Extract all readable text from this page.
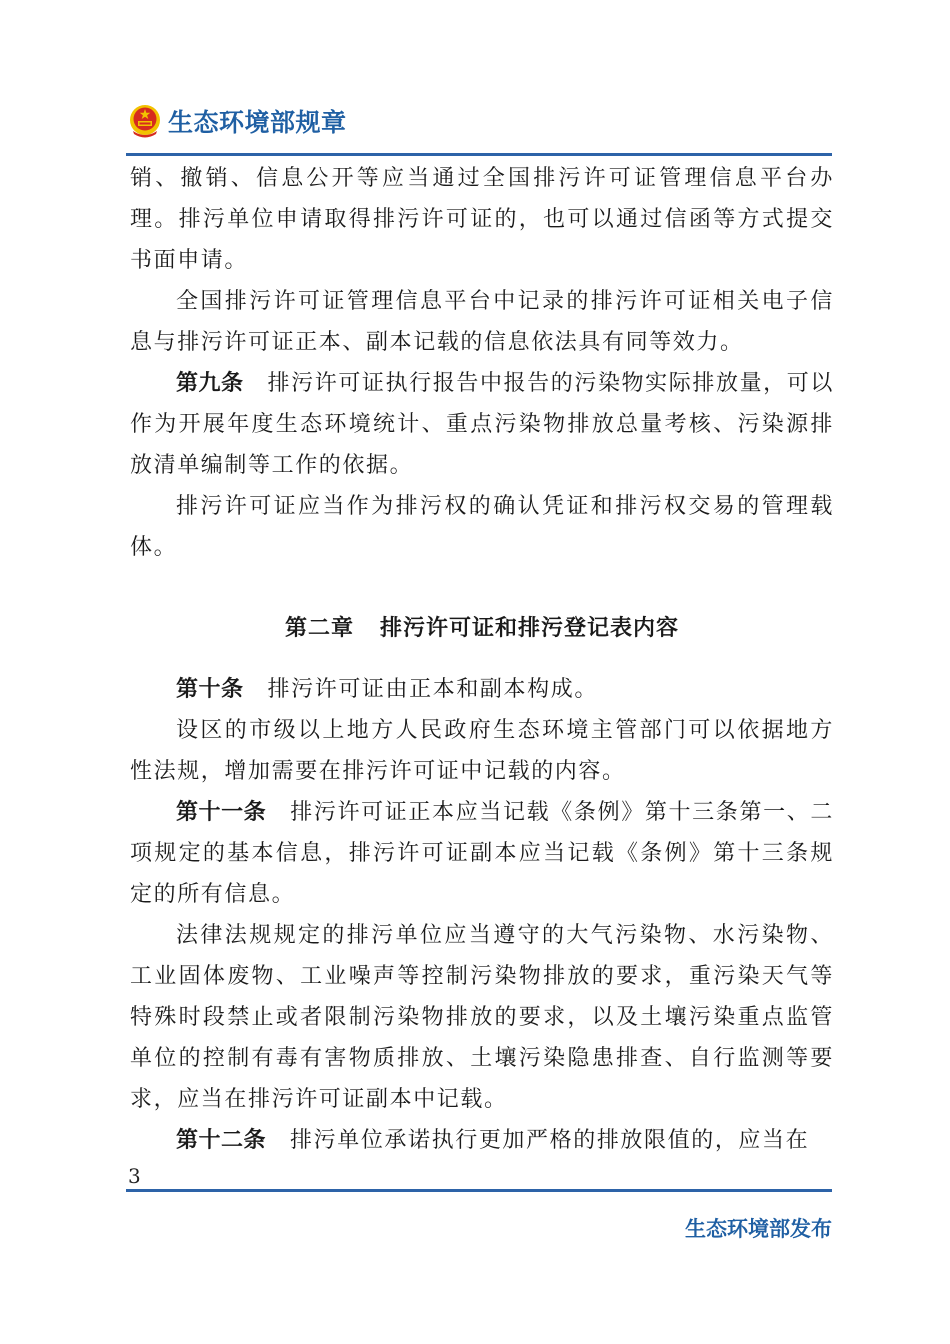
生态环境部规章

销、撤销、信息公开等应当通过全国排污许可证管理信息平台办理。排污单位申请取得排污许可证的，也可以通过信函等方式提交书面申请。

全国排污许可证管理信息平台中记录的排污许可证相关电子信息与排污许可证正本、副本记载的信息依法具有同等效力。

第九条 排污许可证执行报告中报告的污染物实际排放量，可以作为开展年度生态环境统计、重点污染物排放总量考核、污染源排放清单编制等工作的依据。

排污许可证应当作为排污权的确认凭证和排污权交易的管理载体。

第二章 排污许可证和排污登记表内容

第十条 排污许可证由正本和副本构成。

设区的市级以上地方人民政府生态环境主管部门可以依据地方性法规，增加需要在排污许可证中记载的内容。

第十一条 排污许可证正本应当记载《条例》第十三条第一、二项规定的基本信息，排污许可证副本应当记载《条例》第十三条规定的所有信息。

法律法规规定的排污单位应当遵守的大气污染物、水污染物、工业固体废物、工业噪声等控制污染物排放的要求，重污染天气等特殊时段禁止或者限制污染物排放的要求，以及土壤污染重点监管单位的控制有毒有害物质排放、土壤污染隐患排查、自行监测等要求，应当在排污许可证副本中记载。

第十二条 排污单位承诺执行更加严格的排放限值的，应当在

3
生态环境部发布
